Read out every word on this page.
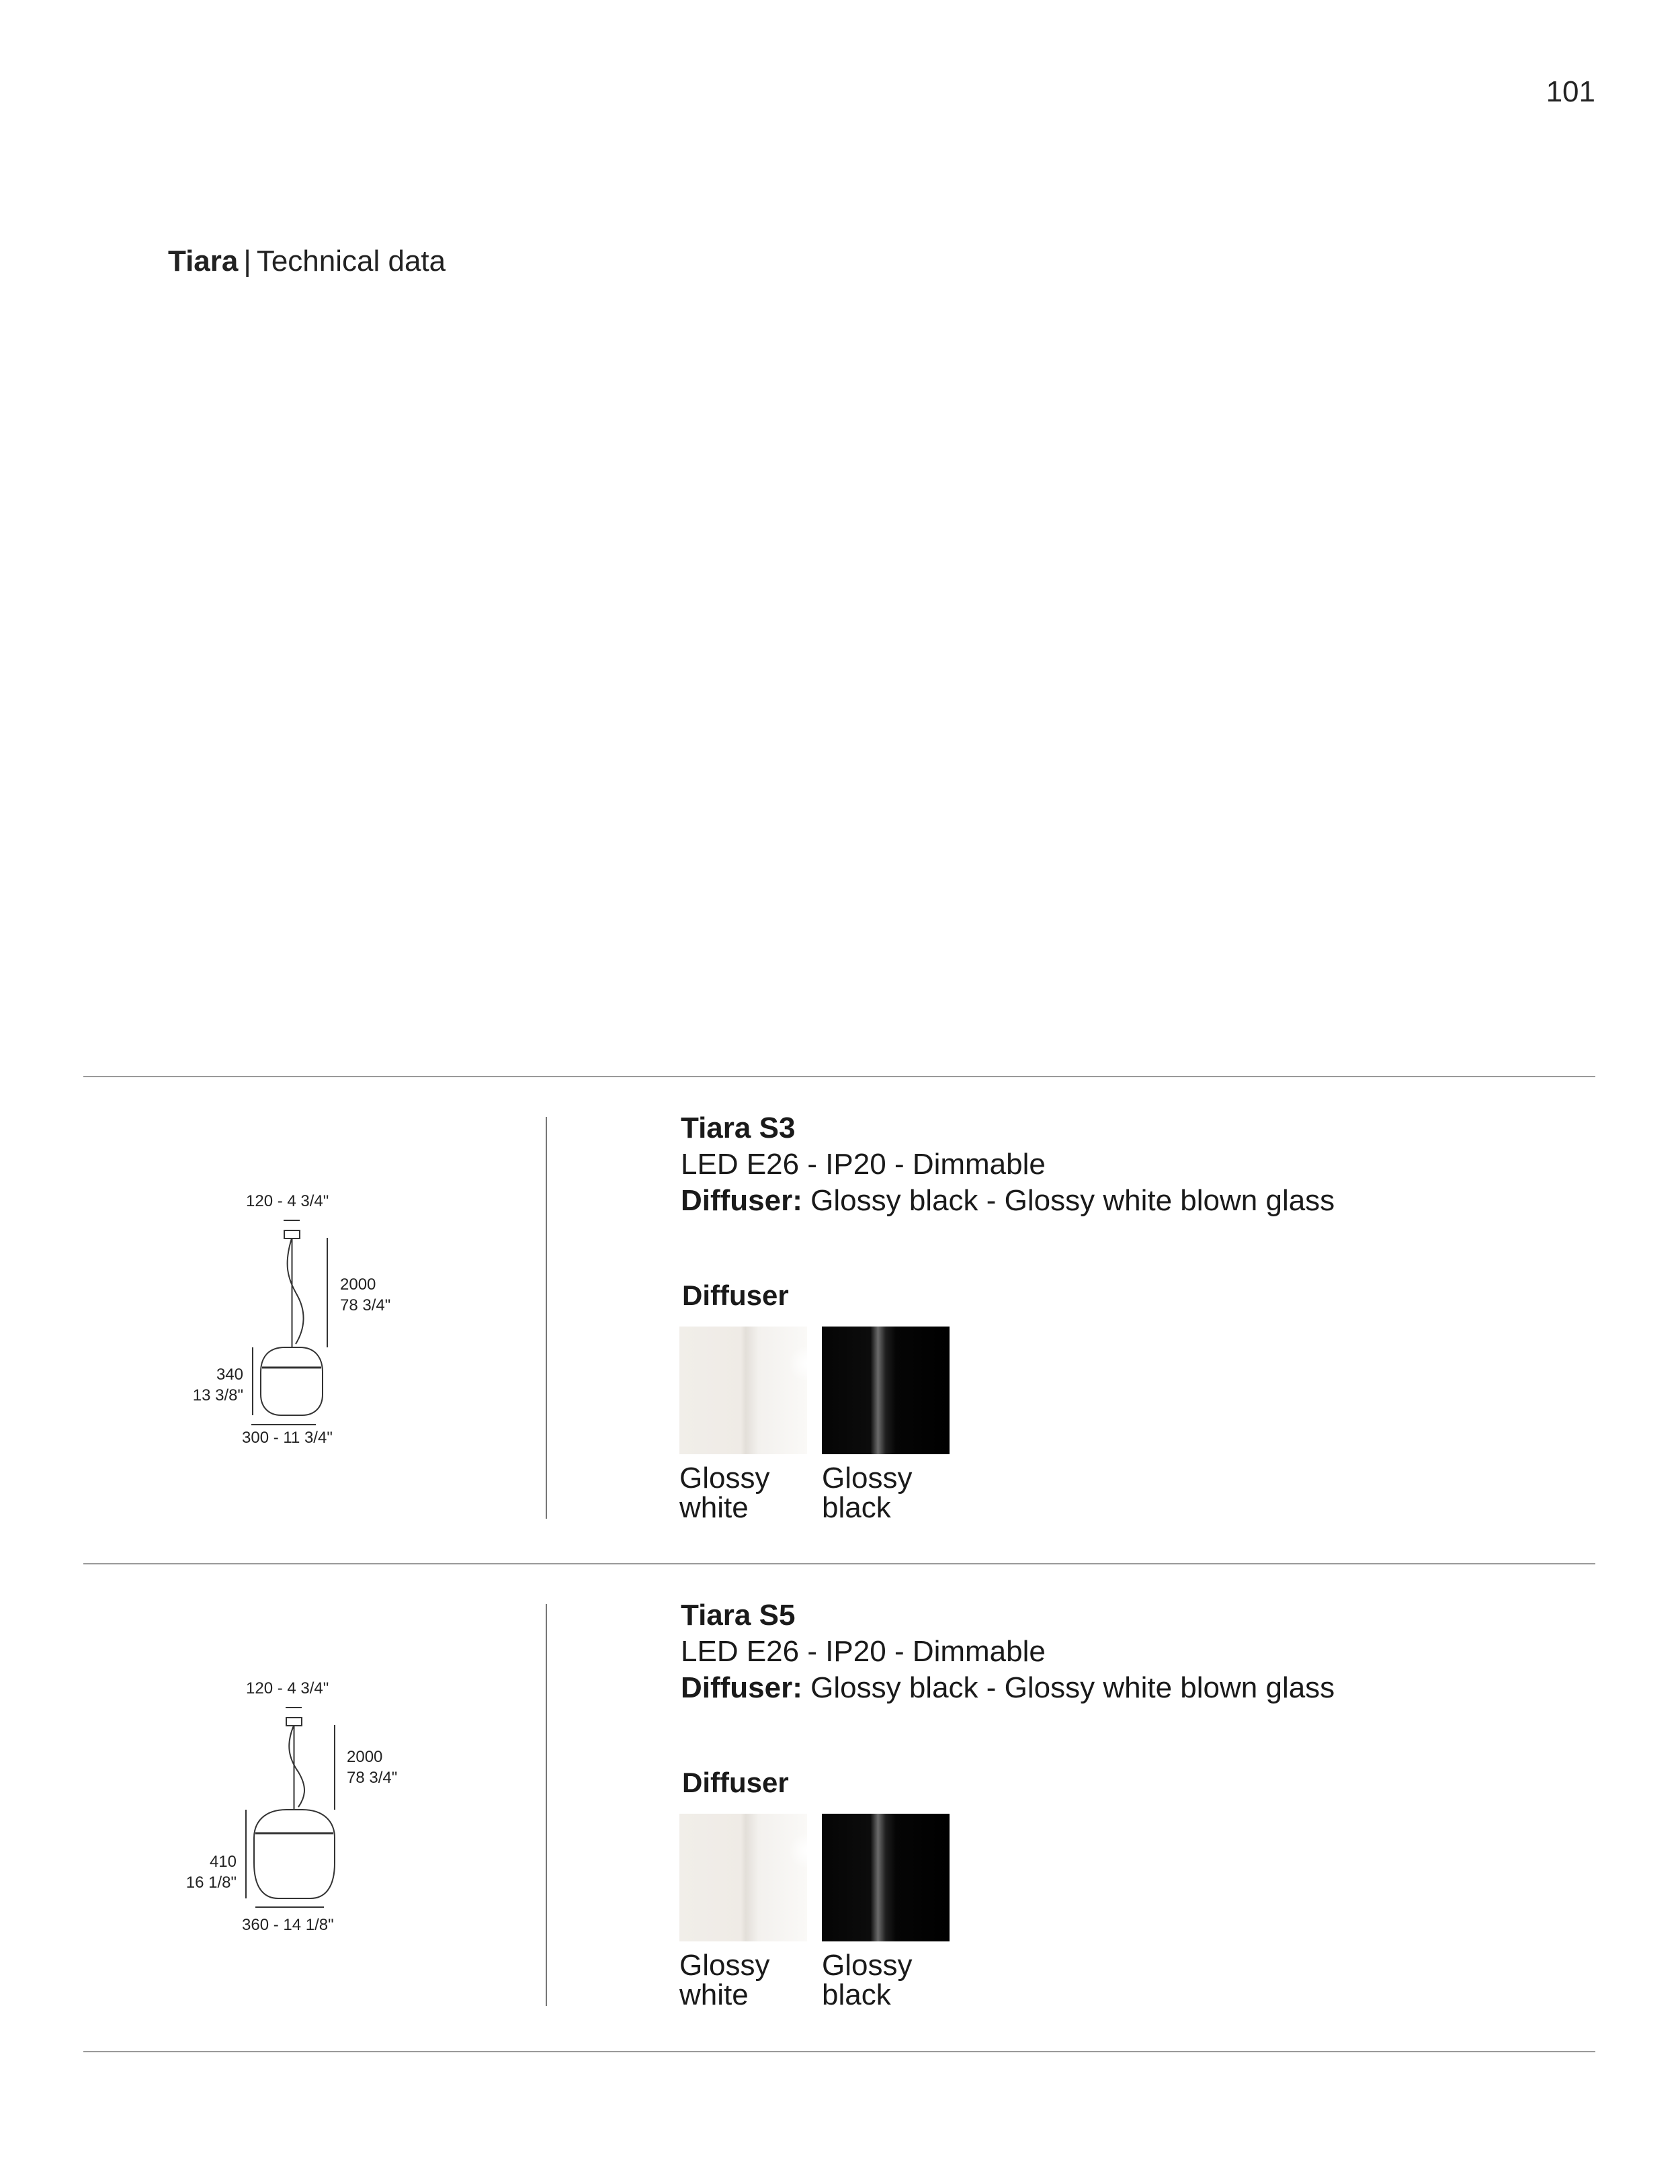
101
Tiara | Technical data
120 - 4 3/4"
2000
78 3/4"
340
13 3/8"
300 - 11 3/4"
Tiara S3
LED E26 - IP20 - Dimmable
Diffuser: Glossy black - Glossy white blown glass
Diffuser
Glossy
white
Glossy
black
120 - 4 3/4"
2000
78 3/4"
410
16 1/8"
360 - 14 1/8"
Tiara S5
LED E26 - IP20 - Dimmable
Diffuser: Glossy black - Glossy white blown glass
Diffuser
Glossy
white
Glossy
black
